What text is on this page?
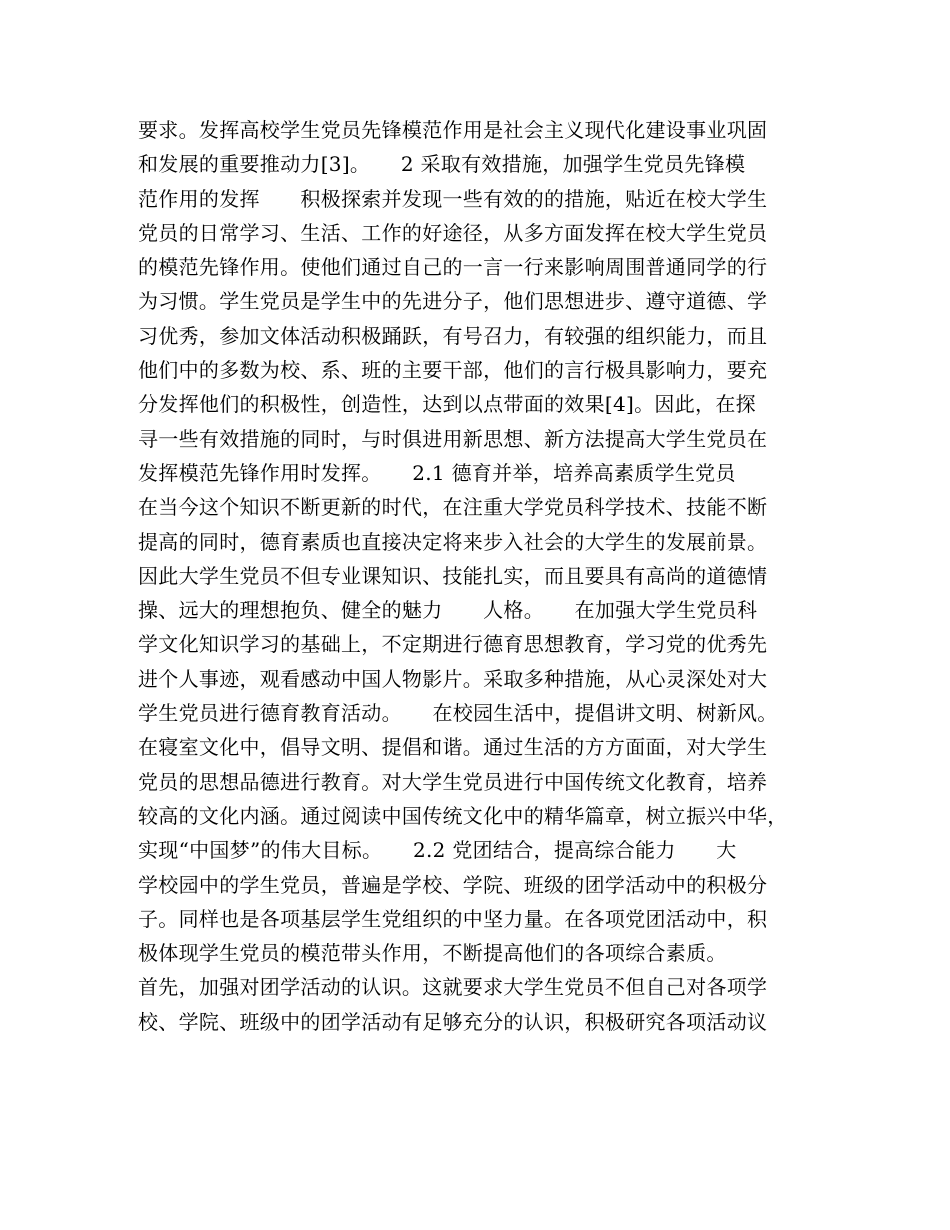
要求。发挥高校学生党员先锋模范作用是社会主义现代化建设事业巩固
和发展的重要推动力[3]。　　2 采取有效措施，加强学生党员先锋模
范作用的发挥　　积极探索并发现一些有效的的措施，贴近在校大学生
党员的日常学习、生活、工作的好途径，从多方面发挥在校大学生党员
的模范先锋作用。使他们通过自己的一言一行来影响周围普通同学的行
为习惯。学生党员是学生中的先进分子，他们思想进步、遵守道德、学
习优秀，参加文体活动积极踊跃，有号召力，有较强的组织能力，而且
他们中的多数为校、系、班的主要干部，他们的言行极具影响力，要充
分发挥他们的积极性，创造性，达到以点带面的效果[4]。因此，在探
寻一些有效措施的同时，与时俱进用新思想、新方法提高大学生党员在
发挥模范先锋作用时发挥。　　2.1 德育并举，培养高素质学生党员
在当今这个知识不断更新的时代，在注重大学党员科学技术、技能不断
提高的同时，德育素质也直接决定将来步入社会的大学生的发展前景。
因此大学生党员不但专业课知识、技能扎实，而且要具有高尚的道德情
操、远大的理想抱负、健全的魅力　　人格。　　在加强大学生党员科
学文化知识学习的基础上，不定期进行德育思想教育，学习党的优秀先
进个人事迹，观看感动中国人物影片。采取多种措施，从心灵深处对大
学生党员进行德育教育活动。　　在校园生活中，提倡讲文明、树新风。
在寝室文化中，倡导文明、提倡和谐。通过生活的方方面面，对大学生
党员的思想品德进行教育。对大学生党员进行中国传统文化教育，培养
较高的文化内涵。通过阅读中国传统文化中的精华篇章，树立振兴中华，
实现“中国梦”的伟大目标。　　2.2 党团结合，提高综合能力　　大
学校园中的学生党员，普遍是学校、学院、班级的团学活动中的积极分
子。同样也是各项基层学生党组织的中坚力量。在各项党团活动中，积
极体现学生党员的模范带头作用，不断提高他们的各项综合素质。
首先，加强对团学活动的认识。这就要求大学生党员不但自己对各项学
校、学院、班级中的团学活动有足够充分的认识，积极研究各项活动议
